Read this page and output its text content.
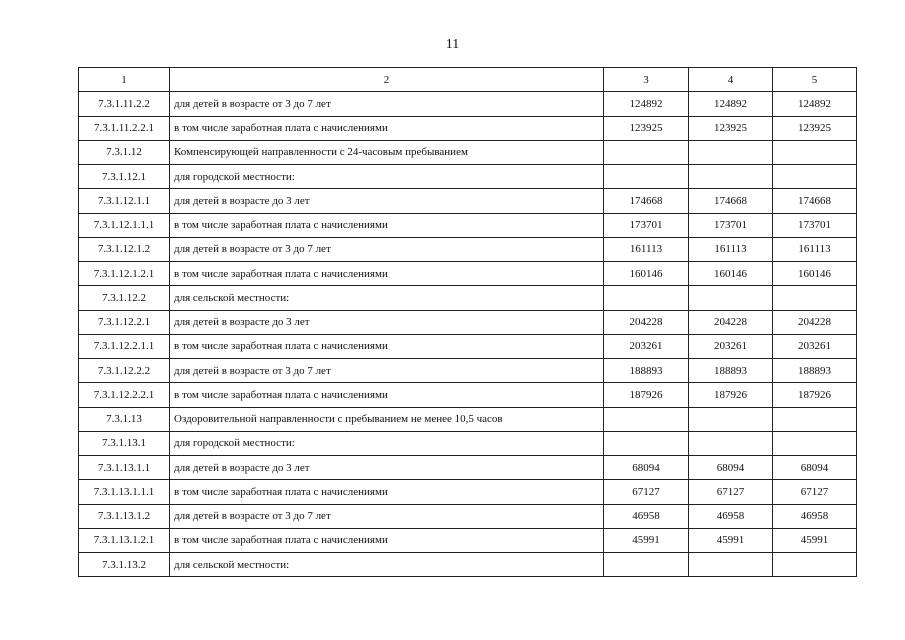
11
1	2	3	4	5
7.3.1.11.2.2	для детей в возрасте от 3 до 7 лет	124892	124892	124892
7.3.1.11.2.2.1	в том числе заработная плата с начислениями	123925	123925	123925
7.3.1.12	Компенсирующей направленности с 24-часовым пребыванием			
7.3.1.12.1	для городской местности:			
7.3.1.12.1.1	для детей в возрасте до 3 лет	174668	174668	174668
7.3.1.12.1.1.1	в том числе заработная плата с начислениями	173701	173701	173701
7.3.1.12.1.2	для детей в возрасте от 3 до 7 лет	161113	161113	161113
7.3.1.12.1.2.1	в том числе заработная плата с начислениями	160146	160146	160146
7.3.1.12.2	для сельской местности:			
7.3.1.12.2.1	для детей в возрасте до 3 лет	204228	204228	204228
7.3.1.12.2.1.1	в том числе заработная плата с начислениями	203261	203261	203261
7.3.1.12.2.2	для детей в возрасте от 3 до 7 лет	188893	188893	188893
7.3.1.12.2.2.1	в том числе заработная плата с начислениями	187926	187926	187926
7.3.1.13	Оздоровительной направленности с пребыванием не менее 10,5 часов			
7.3.1.13.1	для городской местности:			
7.3.1.13.1.1	для детей в возрасте до 3 лет	68094	68094	68094
7.3.1.13.1.1.1	в том числе заработная плата с начислениями	67127	67127	67127
7.3.1.13.1.2	для детей в возрасте от 3 до 7 лет	46958	46958	46958
7.3.1.13.1.2.1	в том числе заработная плата с начислениями	45991	45991	45991
7.3.1.13.2	для сельской местности:			
